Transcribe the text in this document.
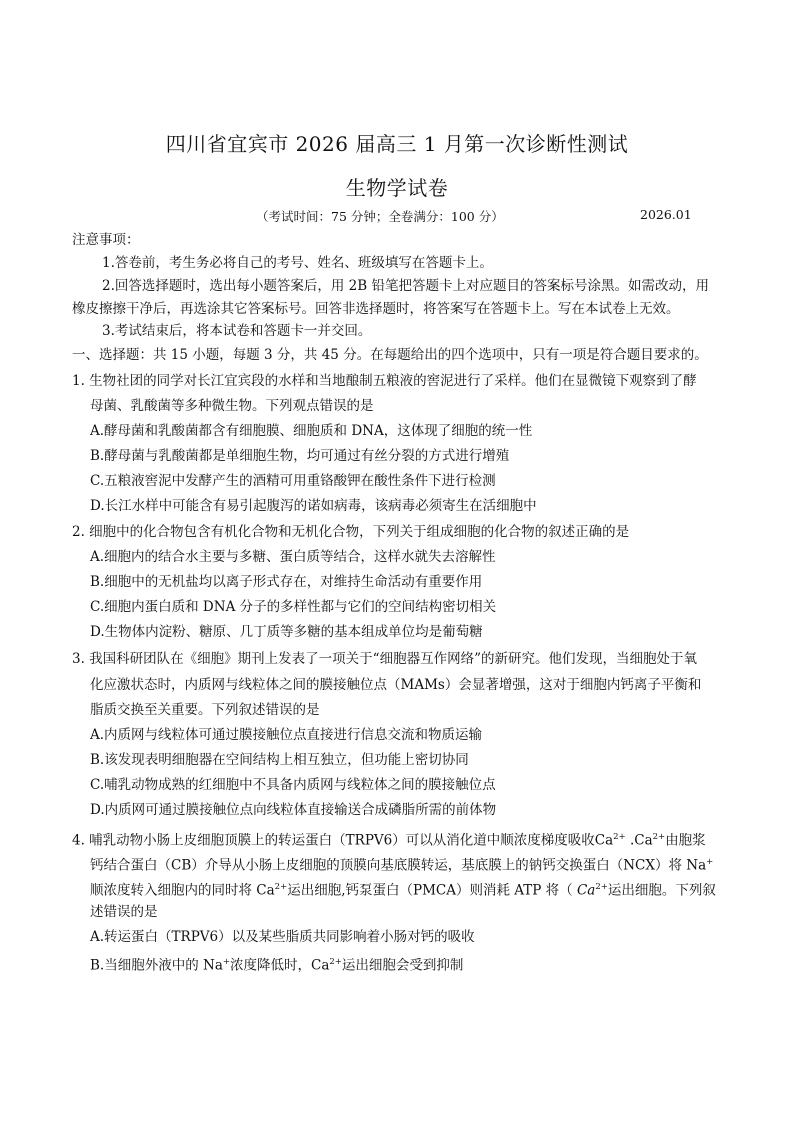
四川省宜宾市 2026 届高三 1 月第一次诊断性测试
生物学试卷
（考试时间：75 分钟；全卷满分：100 分）	2026.01
注意事项：
1.答卷前，考生务必将自己的考号、姓名、班级填写在答题卡上。
2.回答选择题时，选出每小题答案后，用 2B 铅笔把答题卡上对应题目的答案标号涂黑。如需改动，用
橡皮擦擦干净后，再选涂其它答案标号。回答非选择题时，将答案写在答题卡上。写在本试卷上无效。
3.考试结束后，将本试卷和答题卡一并交回。
一、选择题：共 15 小题，每题 3 分，共 45 分。在每题给出的四个选项中，只有一项是符合题目要求的。
1. 生物社团的同学对长江宜宾段的水样和当地酿制五粮液的窖泥进行了采样。他们在显微镜下观察到了酵
母菌、乳酸菌等多种微生物。下列观点错误的是
A.酵母菌和乳酸菌都含有细胞膜、细胞质和 DNA，这体现了细胞的统一性
B.酵母菌与乳酸菌都是单细胞生物，均可通过有丝分裂的方式进行增殖
C.五粮液窖泥中发酵产生的酒精可用重铬酸钾在酸性条件下进行检测
D.长江水样中可能含有易引起腹泻的诺如病毒，该病毒必须寄生在活细胞中
2. 细胞中的化合物包含有机化合物和无机化合物，下列关于组成细胞的化合物的叙述正确的是
A.细胞内的结合水主要与多糖、蛋白质等结合，这样水就失去溶解性
B.细胞中的无机盐均以离子形式存在，对维持生命活动有重要作用
C.细胞内蛋白质和 DNA 分子的多样性都与它们的空间结构密切相关
D.生物体内淀粉、糖原、几丁质等多糖的基本组成单位均是葡萄糖
3. 我国科研团队在《细胞》期刊上发表了一项关于“细胞器互作网络”的新研究。他们发现，当细胞处于氧
化应激状态时，内质网与线粒体之间的膜接触位点（MAMs）会显著增强，这对于细胞内钙离子平衡和
脂质交换至关重要。下列叙述错误的是
A.内质网与线粒体可通过膜接触位点直接进行信息交流和物质运输
B.该发现表明细胞器在空间结构上相互独立，但功能上密切协同
C.哺乳动物成熟的红细胞中不具备内质网与线粒体之间的膜接触位点
D.内质网可通过膜接触位点向线粒体直接输送合成磷脂所需的前体物
4. 哺乳动物小肠上皮细胞顶膜上的转运蛋白（TRPV6）可以从消化道中顺浓度梯度吸收$Ca^{2+}$ $.Ca^{2+}$由胞浆
钙结合蛋白（CB）介导从小肠上皮细胞的顶膜向基底膜转运，基底膜上的钠钙交换蛋白（NCX）将 Na+
顺浓度转入细胞内的同时将 $Ca^{2+}$运出细胞,钙泵蛋白（PMCA）则消耗 ATP 将（ $Ca^{2+}$运出细胞。下列叙
述错误的是
A.转运蛋白（TRPV6）以及某些脂质共同影响着小肠对钙的吸收
B.当细胞外液中的 Na+浓度降低时，$Ca^{2+}$运出细胞会受到抑制
